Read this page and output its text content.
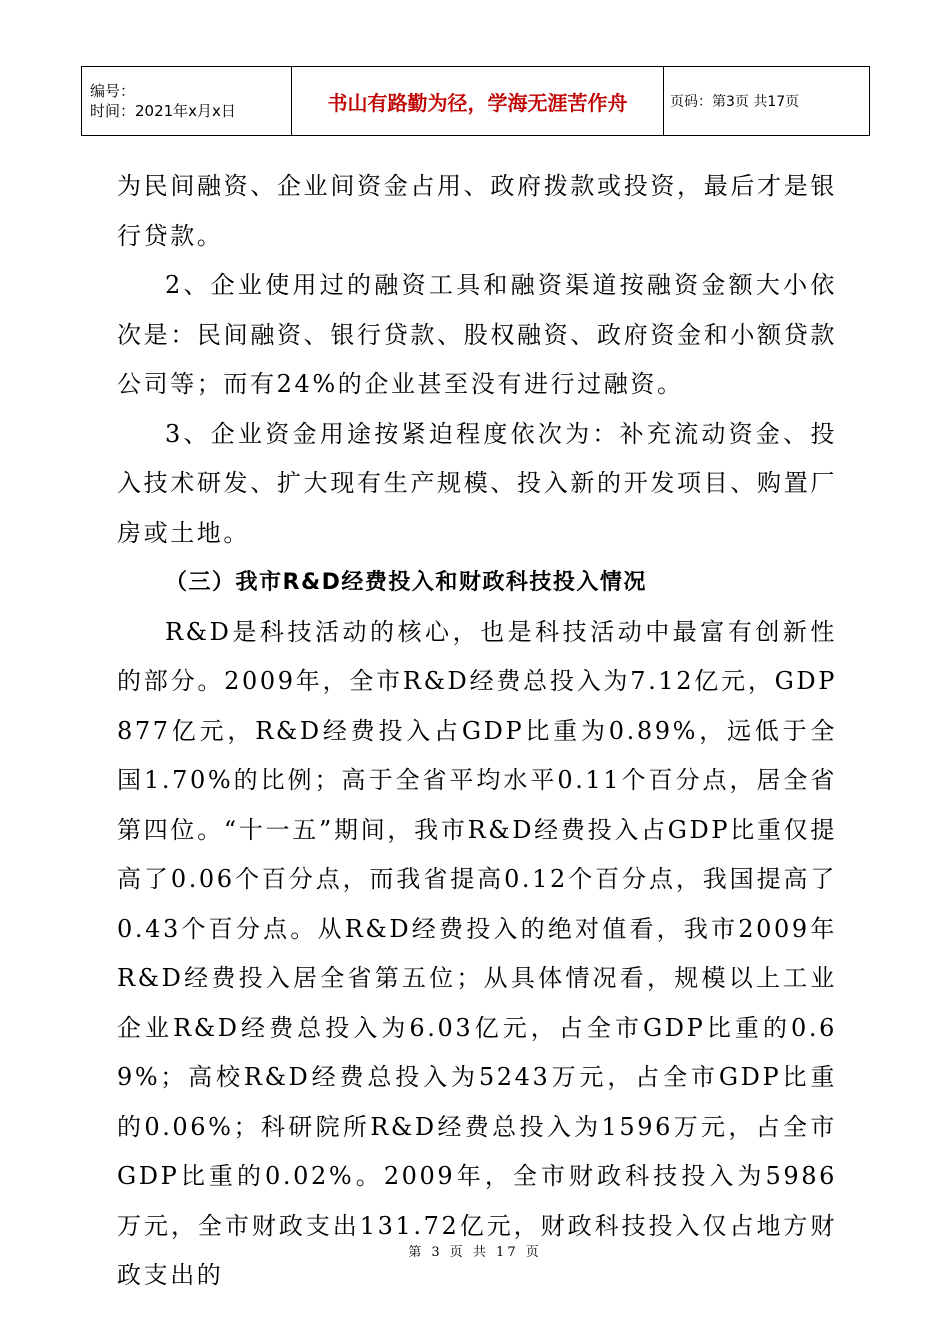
编号：
时间：2021年x月x日	书山有路勤为径，学海无涯苦作舟	页码：第3页 共17页

为民间融资、企业间资金占用、政府拨款或投资，最后才是银行贷款。

2、企业使用过的融资工具和融资渠道按融资金额大小依次是：民间融资、银行贷款、股权融资、政府资金和小额贷款公司等；而有24%的企业甚至没有进行过融资。

3、企业资金用途按紧迫程度依次为：补充流动资金、投入技术研发、扩大现有生产规模、投入新的开发项目、购置厂房或土地。

（三）我市R&D经费投入和财政科技投入情况

R&D是科技活动的核心，也是科技活动中最富有创新性的部分。2009年，全市R&D经费总投入为7.12亿元，GDP 877亿元，R&D经费投入占GDP比重为0.89%，远低于全国1.70%的比例；高于全省平均水平0.11个百分点，居全省第四位。“十一五”期间，我市R&D经费投入占GDP比重仅提高了0.06个百分点，而我省提高0.12个百分点，我国提高了0.43个百分点。从R&D经费投入的绝对值看，我市2009年R&D经费投入居全省第五位；从具体情况看，规模以上工业企业R&D经费总投入为6.03亿元，占全市GDP比重的0.69%；高校R&D经费总投入为5243万元，占全市GDP比重的0.06%；科研院所R&D经费总投入为1596万元，占全市GDP比重的0.02%。2009年，全市财政科技投入为5986万元，全市财政支出131.72亿元，财政科技投入仅占地方财政支出的

第 3 页 共 17 页
